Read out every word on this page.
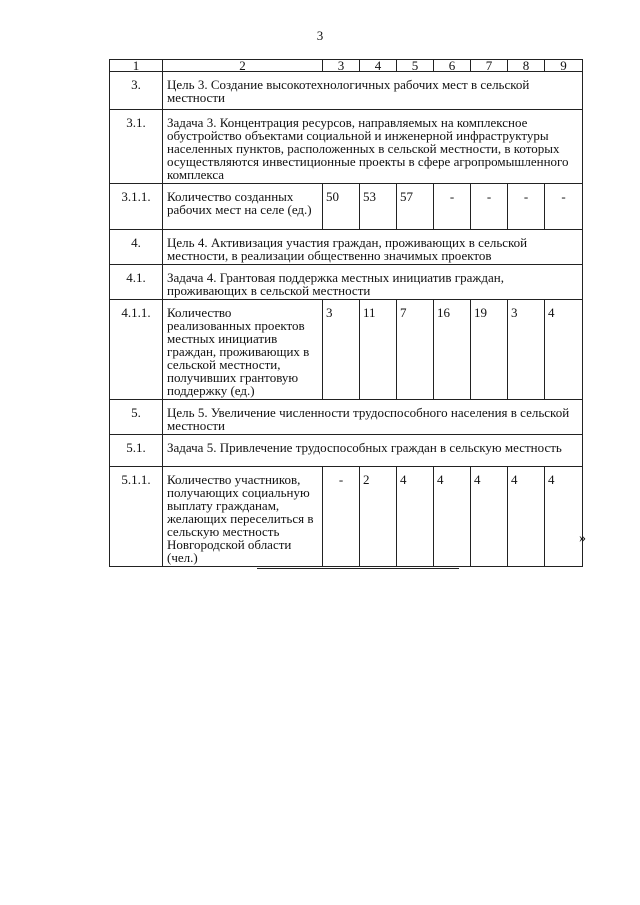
3
1	2	3	4	5	6	7	8	9
3.	Цель 3. Создание высокотехнологичных рабочих мест в сельской местности							
3.1.	Задача 3. Концентрация ресурсов, направляемых на комплексное обустройство объектами социальной и инженерной инфраструктуры населенных пунктов, расположенных в сельской местности, в которых осуществляются инвестиционные проекты в сфере агропромышленного комплекса							
3.1.1.	Количество созданных рабочих мест на селе (ед.)	50	53	57	-	-	-	-
4.	Цель 4. Активизация участия граждан, проживающих в сельской местности, в реализации общественно значимых проектов							
4.1.	Задача 4. Грантовая поддержка местных инициатив граждан, проживающих в сельской местности							
4.1.1.	Количество реализованных проектов местных инициатив граждан, проживающих в сельской местности, получивших грантовую поддержку (ед.)	3	11	7	16	19	3	4
5.	Цель 5. Увеличение численности трудоспособного населения в сельской местности							
5.1.	Задача 5. Привлечение трудоспособных граждан в сельскую местность							
5.1.1.	Количество участников, получающих социальную выплату гражданам, желающих переселиться в сельскую местность Новгородской области (чел.)	-	2	4	4	4	4	4
»
